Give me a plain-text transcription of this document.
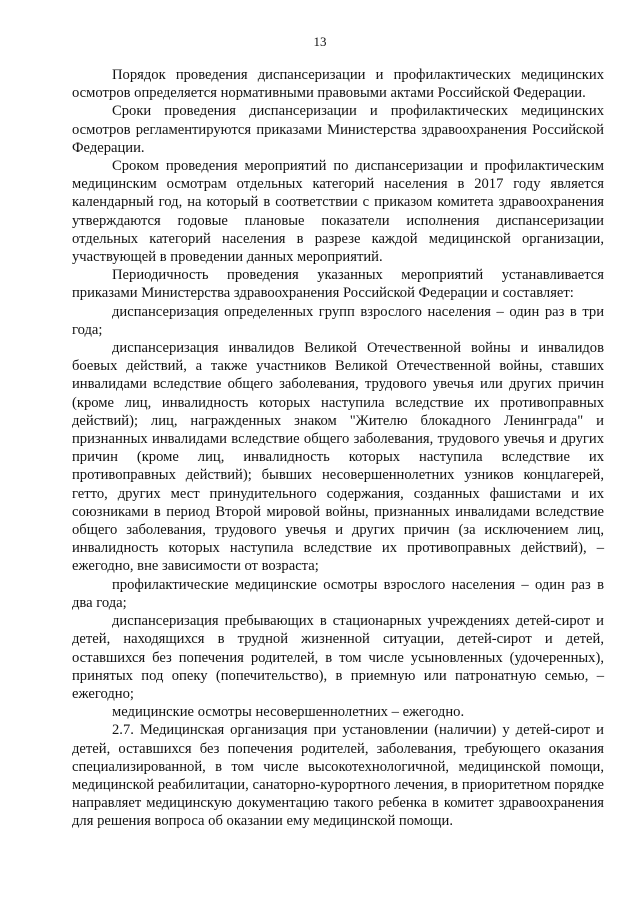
13

Порядок проведения диспансеризации и профилактических медицинских осмотров определяется нормативными правовыми актами Российской Федерации.

Сроки проведения диспансеризации и профилактических медицинских осмотров регламентируются приказами Министерства здравоохранения Российской Федерации.

Сроком проведения мероприятий по диспансеризации и профилактическим медицинским осмотрам отдельных категорий населения в 2017 году является календарный год, на который в соответствии с приказом комитета здравоохранения утверждаются годовые плановые показатели исполнения диспансеризации отдельных категорий населения в разрезе каждой медицинской организации, участвующей в проведении данных мероприятий.

Периодичность проведения указанных мероприятий устанавливается приказами Министерства здравоохранения Российской Федерации и составляет:

диспансеризация определенных групп взрослого населения – один раз в три года;

диспансеризация инвалидов Великой Отечественной войны и инвалидов боевых действий, а также участников Великой Отечественной войны, ставших инвалидами вследствие общего заболевания, трудового увечья или других причин (кроме лиц, инвалидность которых наступила вследствие их противоправных действий); лиц, награжденных знаком "Жителю блокадного Ленинграда" и признанных инвалидами вследствие общего заболевания, трудового увечья и других причин (кроме лиц, инвалидность которых наступила вследствие их противоправных действий); бывших несовершеннолетних узников концлагерей, гетто, других мест принудительного содержания, созданных фашистами и их союзниками в период Второй мировой войны, признанных инвалидами вследствие общего заболевания, трудового увечья и других причин (за исключением лиц, инвалидность которых наступила вследствие их противоправных действий), – ежегодно, вне зависимости от возраста;

профилактические медицинские осмотры взрослого населения – один раз в два года;

диспансеризация пребывающих в стационарных учреждениях детей-сирот и детей, находящихся в трудной жизненной ситуации, детей-сирот и детей, оставшихся без попечения родителей, в том числе усыновленных (удочеренных), принятых под опеку (попечительство), в приемную или патронатную семью, – ежегодно;

медицинские осмотры несовершеннолетних – ежегодно.

2.7. Медицинская организация при установлении (наличии) у детей-сирот и детей, оставшихся без попечения родителей, заболевания, требующего оказания специализированной, в том числе высокотехнологичной, медицинской помощи, медицинской реабилитации, санаторно-курортного лечения, в приоритетном порядке направляет медицинскую документацию такого ребенка в комитет здравоохранения для решения вопроса об оказании ему медицинской помощи.
